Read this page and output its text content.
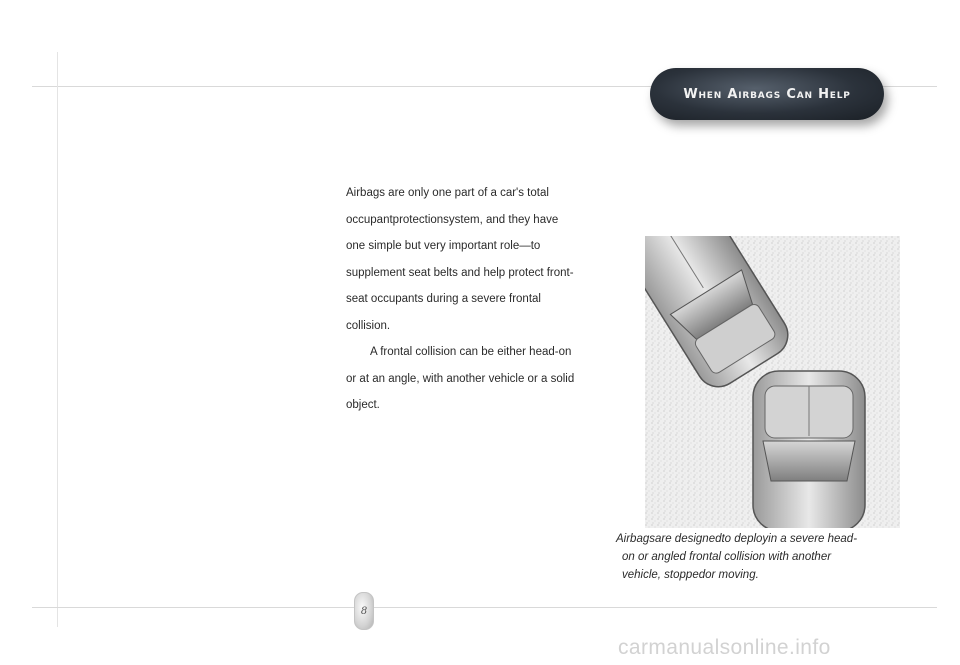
When Airbags Can Help

Airbags are only one part of a car's total
occupantprotectionsystem, and they have
one simple but very important role—to
supplement seat belts and help protect front-
seat occupants during a severe frontal
collision.

A frontal collision can be either head-on
or at an angle, with another vehicle or a solid
object.

Airbagsare designedto deployin a severe head-
on or angled frontal collision with another
vehicle, stoppedor moving.
8
carmanualsonline.info
